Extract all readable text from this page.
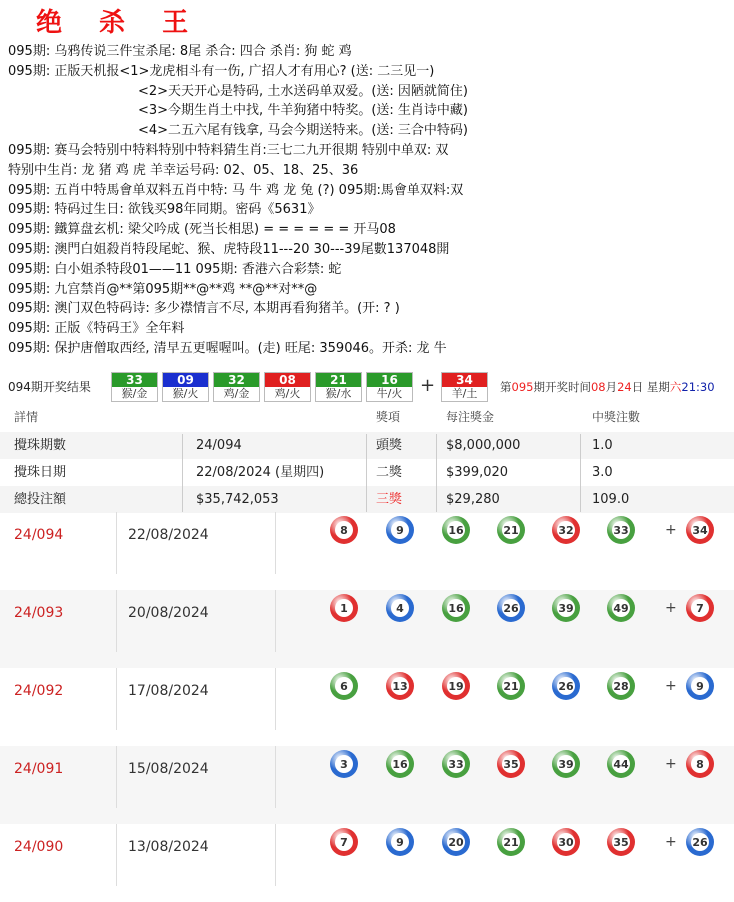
绝 杀 王
095期: 乌鸦传说三件宝杀尾: 8尾 杀合: 四合 杀肖: 狗 蛇 鸡
095期: 正版天机报<1>龙虎相斗有一伤, 广招人才有用心? (送: 二三见一)
<2>天天开心是特码, 土水送码单双爱。(送: 因陋就简住)
<3>今期生肖土中找, 牛羊狗猪中特奖。(送: 生肖诗中藏)
<4>二五六尾有钱拿, 马会今期送特来。(送: 三合中特码)
095期: 赛马会特别中特料特别中特料猜生肖:三七二九开很期 特别中单双: 双
特别中生肖: 龙 猪 鸡 虎 羊幸运号码: 02、05、18、25、36
095期: 五肖中特馬會单双料五肖中特: 马 牛 鸡 龙 兔 (?) 095期:馬會单双料:双
095期: 特码过生日: 欲钱买98年同期。密码《5631》
095期: 鐵算盘玄机: 梁父吟成 (死当长相思) = = = = = = 开马08
095期: 澳門白姐殺肖特段尾蛇、猴、虎特段11---20 30---39尾數137048開
095期: 白小姐杀特段01——11 095期: 香港六合彩禁: 蛇
095期: 九宫禁肖@**第095期**@**鸡 **@**对**@
095期: 澳门双色特码诗: 多少襟情言不尽, 本期再看狗猪羊。(开: ? )
095期: 正版《特码王》全年料
095期: 保护唐僧取西经, 清早五更喔喔叫。(走) 旺尾: 359046。开杀: 龙 牛
094期开奖结果	33
猴/金
09
猴/火
32
鸡/金
08
鸡/火
21
猴/水
16
牛/火 +	34
羊/土 第095期开奖时间08月24日 星期六21:30
詳情	獎項	每注獎金	中獎注數
攪珠期數	24/094	頭獎	$8,000,000	1.0
攪珠日期	22/08/2024 (星期四)	二獎	$399,020	3.0
總投注額	$35,742,053	三獎	$29,280	109.0
24/094	22/08/2024	8	9	16	21	32	33	+ 34
24/093	20/08/2024	1	4	16	26	39	49	+	7
24/092	17/08/2024	6	13	19	21	26	28	+	9
24/091	15/08/2024	3	16	33	35	39	44	+	8
24/090	13/08/2024	7	9	20	21	30	35	+ 26
